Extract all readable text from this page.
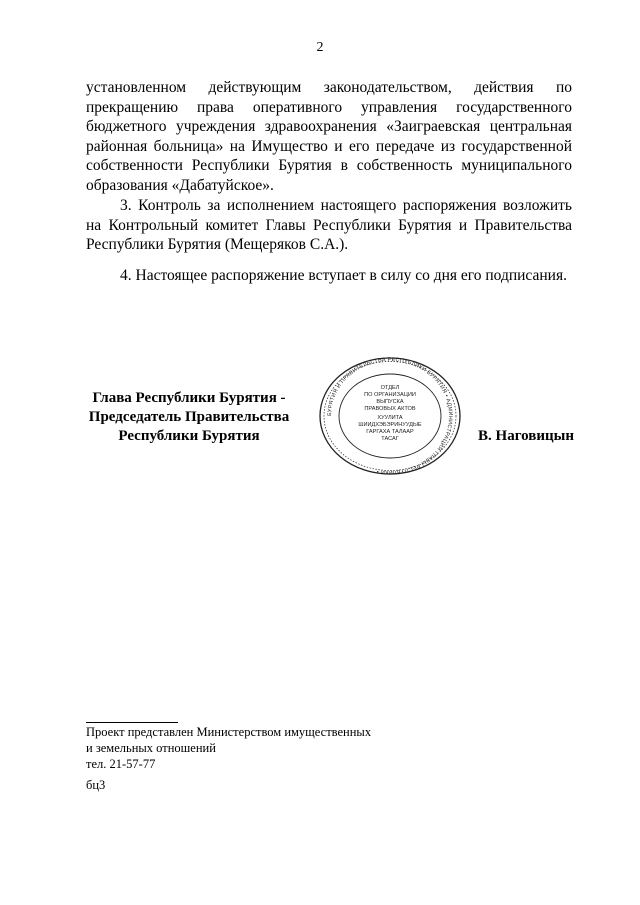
2
установленном действующим законодательством, действия по прекращению права оперативного управления государственного бюджетного учреждения здравоохранения «Заиграевская центральная районная больница» на Имущество и его передаче из государственной собственности Республики Бурятия в собственность муниципального образования «Дабатуйское».
3. Контроль за исполнением настоящего распоряжения возложить на Контрольный комитет Главы Республики Бурятия и Правительства Республики Бурятия (Мещеряков С.А.).
4. Настоящее распоряжение вступает в силу со дня его подписания.
Глава Республики Бурятия -
Председатель Правительства
Республики Бурятия
БУРЯТИЯ И ПРАВИТЕЛЬСТВА РЕСПУБЛИКИ БУРЯТИЯ • АДМИНИСТРАЦИЯ ГЛАВЫ РЕСПУБЛИКИ •
ОТДЕЛ
ПО ОРГАНИЗАЦИИ
ВЫПУСКА
ПРАВОВЫХ АКТОВ
ХУУЛИТА
ШИИДХЭБЭРИНУУДЫЕ
ГАРГАХА ТАЛААР
ТАСАГ	В. Наговицын
Проект представлен Министерством имущественных
и земельных отношений
тел. 21-57-77
бц3
